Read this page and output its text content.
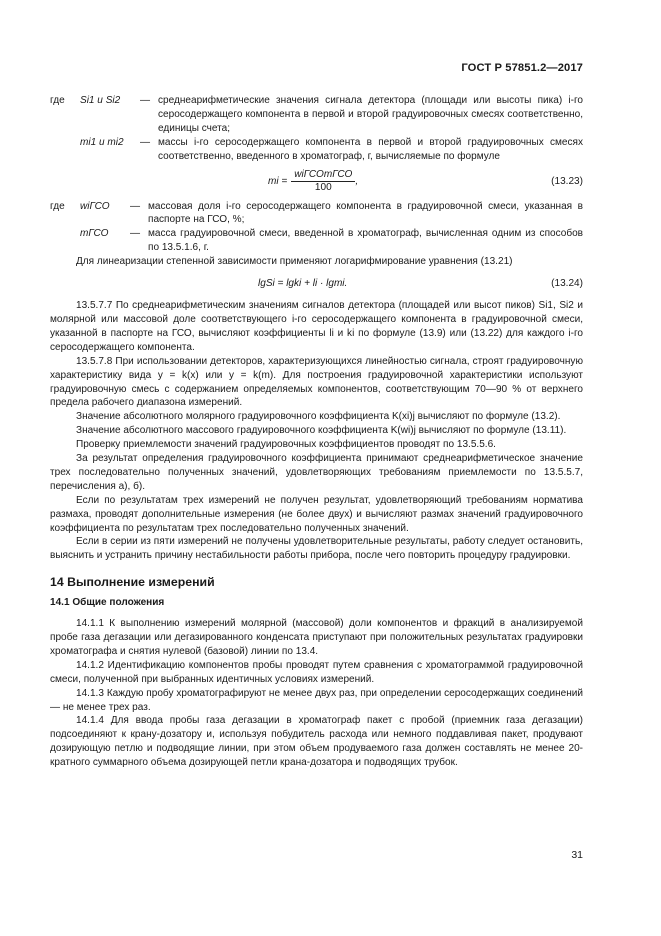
ГОСТ Р 57851.2—2017
где	Si1 и Si2	— среднеарифметические значения сигнала детектора (площади или высоты пика) i-го серосодержащего компонента в первой и второй градуировочных смесях соответственно, единицы счета;
mi1 и mi2	— массы i-го серосодержащего компонента в первой и второй градуировочных смесях соответственно, введенного в хроматограф, г, вычисляемые по формуле
mi = $\frac{\text{wiГСОmГСО}}{100}$ ,	(13.23)
где	wiГСО	— массовая доля i-го серосодержащего компонента в градуировочной смеси, указанная в паспорте на ГСО, %;
mГСО	— масса градуировочной смеси, введенной в хроматограф, вычисленная одним из способов по 13.5.1.6, г.

Для линеаризации степенной зависимости применяют логарифмирование уравнения (13.21)

lgSi = lgki + li · lgmi.	(13.24)

13.5.7.7 По среднеарифметическим значениям сигналов детектора (площадей или высот пиков) Si1, Si2 и молярной или массовой доле соответствующего i-го серосодержащего компонента в градуировочной смеси, указанной в паспорте на ГСО, вычисляют коэффициенты li и ki по формуле (13.9) или (13.22) для каждого i-го серосодержащего компонента.

13.5.7.8 При использовании детекторов, характеризующихся линейностью сигнала, строят градуировочную характеристику вида y = k(x) или y = k(m). Для построения градуировочной характеристики используют градуировочную смесь с содержанием определяемых компонентов, соответствующим 70—90 % от верхнего предела рабочего диапазона измерений.

Значение абсолютного молярного градуировочного коэффициента K(xi)j вычисляют по формуле (13.2).

Значение абсолютного массового градуировочного коэффициента K(wi)j вычисляют по формуле (13.11).

Проверку приемлемости значений градуировочных коэффициентов проводят по 13.5.5.6.

За результат определения градуировочного коэффициента принимают среднеарифметическое значение трех последовательно полученных значений, удовлетворяющих требованиям приемлемости по 13.5.5.7, перечисления а), б).

Если по результатам трех измерений не получен результат, удовлетворяющий требованиям норматива размаха, проводят дополнительные измерения (не более двух) и вычисляют размах значений градуировочного коэффициента по результатам трех последовательно полученных значений.

Если в серии из пяти измерений не получены удовлетворительные результаты, работу следует остановить, выяснить и устранить причину нестабильности работы прибора, после чего повторить процедуру градуировки.

14 Выполнение измерений
14.1 Общие положения

14.1.1 К выполнению измерений молярной (массовой) доли компонентов и фракций в анализируемой пробе газа дегазации или дегазированного конденсата приступают при положительных результатах градуировки хроматографа и снятия нулевой (базовой) линии по 13.4.

14.1.2 Идентификацию компонентов пробы проводят путем сравнения с хроматограммой градуировочной смеси, полученной при выбранных идентичных условиях измерений.

14.1.3 Каждую пробу хроматографируют не менее двух раз, при определении серосодержащих соединений — не менее трех раз.

14.1.4 Для ввода пробы газа дегазации в хроматограф пакет с пробой (приемник газа дегазации) подсоединяют к крану-дозатору и, используя побудитель расхода или немного поддавливая пакет, продувают дозирующую петлю и подводящие линии, при этом объем продуваемого газа должен составлять не менее 20-кратного суммарного объема дозирующей петли крана-дозатора и подводящих трубок.

31
